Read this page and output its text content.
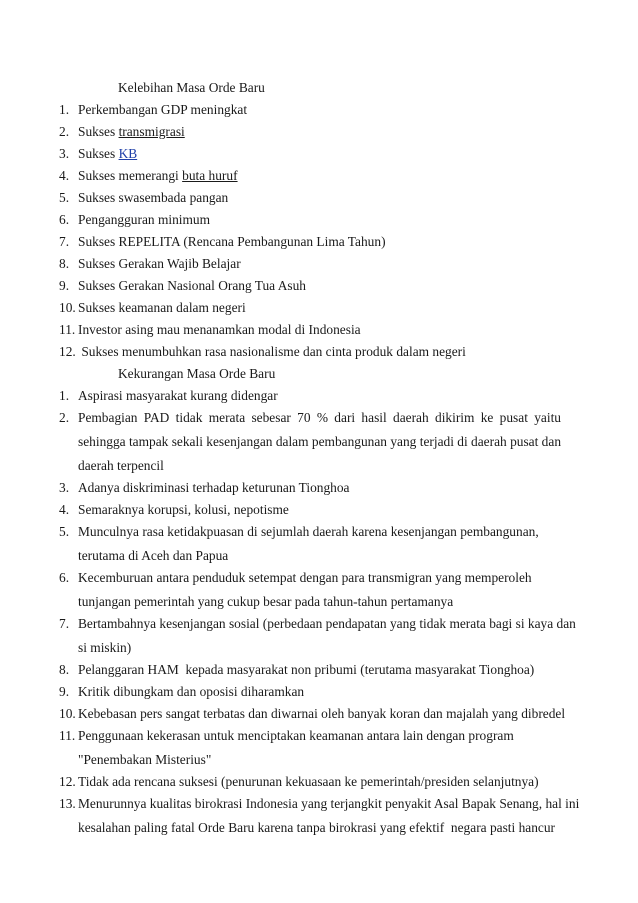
Kelebihan Masa Orde Baru
1. Perkembangan GDP meningkat
2. Sukses transmigrasi
3. Sukses KB
4. Sukses memerangi buta huruf
5. Sukses swasembada pangan
6. Pengangguran minimum
7. Sukses REPELITA (Rencana Pembangunan Lima Tahun)
8. Sukses Gerakan Wajib Belajar
9. Sukses Gerakan Nasional Orang Tua Asuh
10. Sukses keamanan dalam negeri
11. Investor asing mau menanamkan modal di Indonesia
12. Sukses menumbuhkan rasa nasionalisme dan cinta produk dalam negeri
Kekurangan Masa Orde Baru
1. Aspirasi masyarakat kurang didengar
2. Pembagian PAD tidak merata sebesar 70 % dari hasil daerah dikirim ke pusat yaitu
sehingga tampak sekali kesenjangan dalam pembangunan yang terjadi di daerah pusat dan
daerah terpencil
3. Adanya diskriminasi terhadap keturunan Tionghoa
4. Semaraknya korupsi, kolusi, nepotisme
5. Munculnya rasa ketidakpuasan di sejumlah daerah karena kesenjangan pembangunan,
terutama di Aceh dan Papua
6. Kecemburuan antara penduduk setempat dengan para transmigran yang memperoleh
tunjangan pemerintah yang cukup besar pada tahun-tahun pertamanya
7. Bertambahnya kesenjangan sosial (perbedaan pendapatan yang tidak merata bagi si kaya dan
si miskin)
8. Pelanggaran HAM  kepada masyarakat non pribumi (terutama masyarakat Tionghoa)
9. Kritik dibungkam dan oposisi diharamkan
10. Kebebasan pers sangat terbatas dan diwarnai oleh banyak koran dan majalah yang dibredel
11. Penggunaan kekerasan untuk menciptakan keamanan antara lain dengan program
"Penembakan Misterius"
12. Tidak ada rencana suksesi (penurunan kekuasaan ke pemerintah/presiden selanjutnya)
13. Menurunnya kualitas birokrasi Indonesia yang terjangkit penyakit Asal Bapak Senang, hal ini
kesalahan paling fatal Orde Baru karena tanpa birokrasi yang efektif  negara pasti hancur
